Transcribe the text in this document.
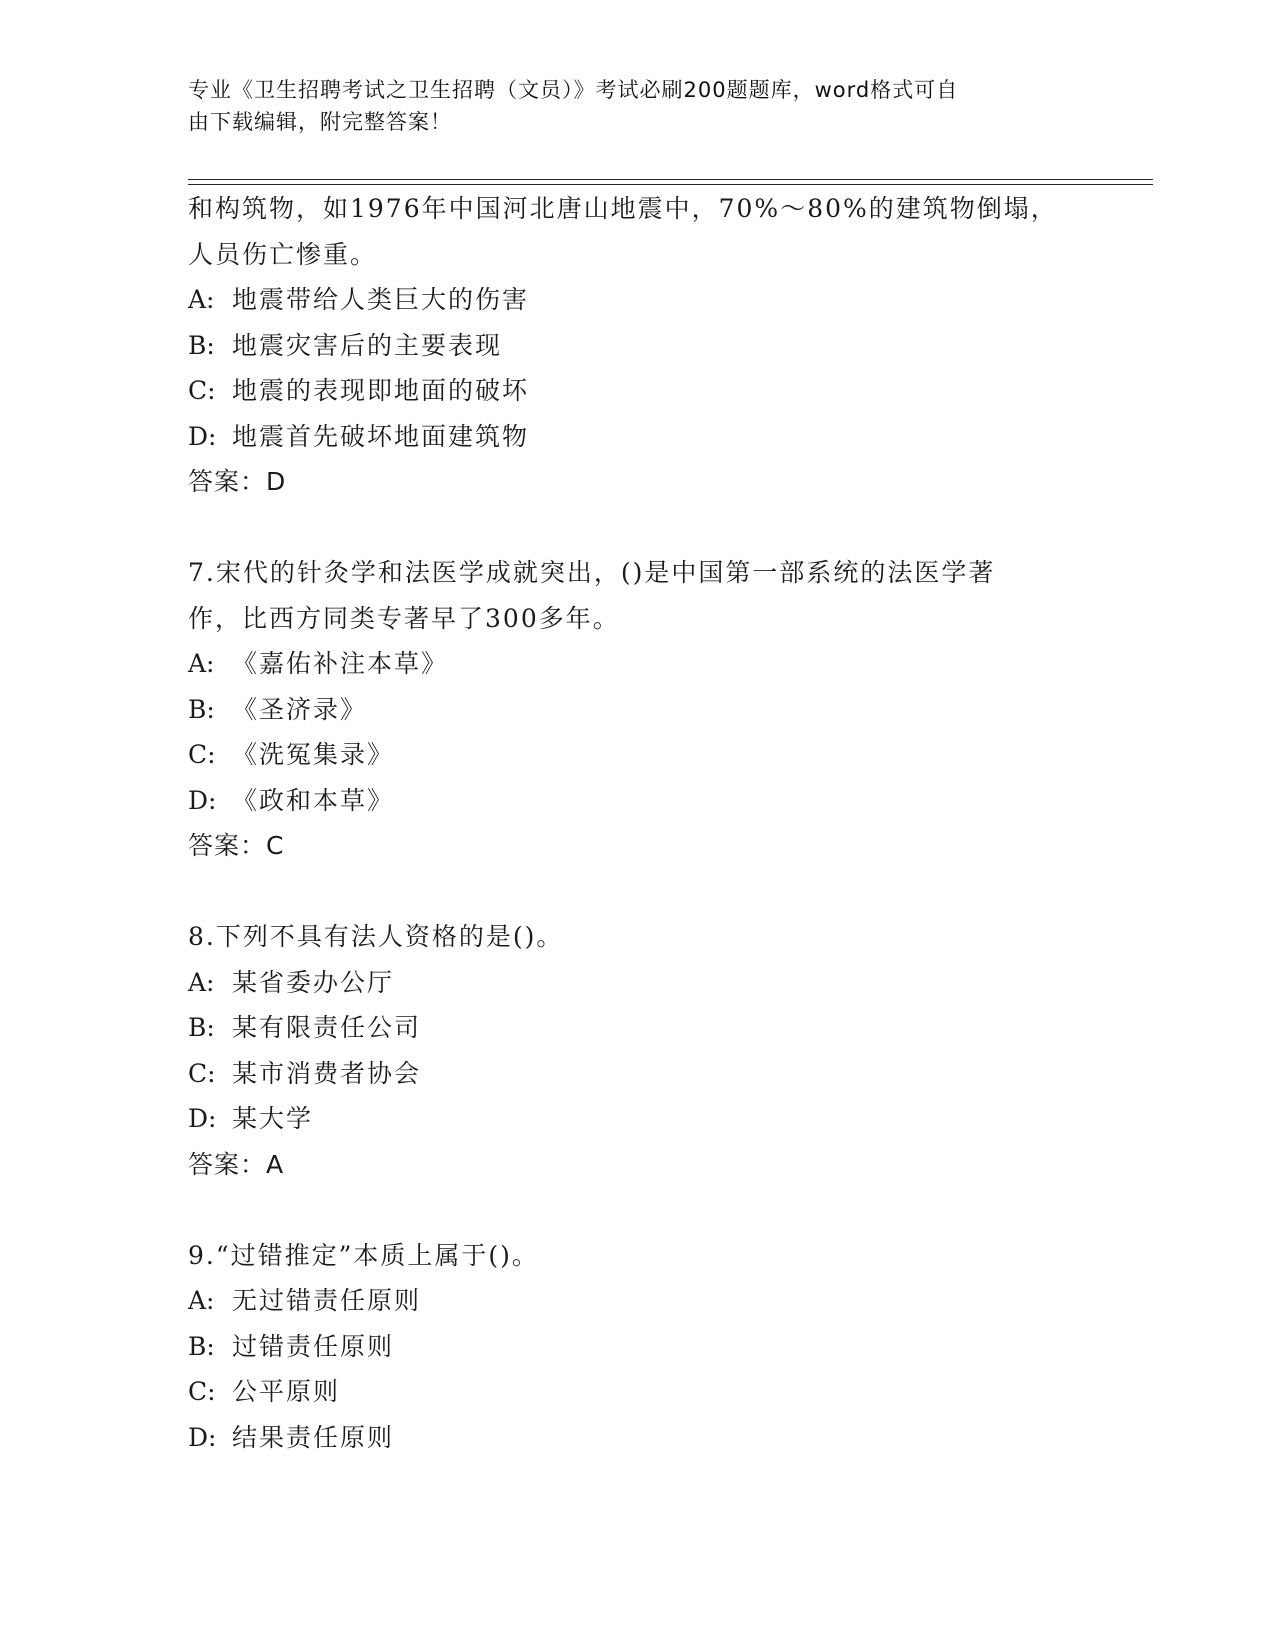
专业《卫生招聘考试之卫生招聘（文员）》考试必刷200题题库，word格式可自
由下载编辑，附完整答案！
和构筑物，如1976年中国河北唐山地震中，70%～80%的建筑物倒塌，
人员伤亡惨重。
A: 地震带给人类巨大的伤害
B: 地震灾害后的主要表现
C: 地震的表现即地面的破坏
D: 地震首先破坏地面建筑物
答案：D
7.宋代的针灸学和法医学成就突出，()是中国第一部系统的法医学著
作，比西方同类专著早了300多年。
A: 《嘉佑补注本草》
B: 《圣济录》
C: 《洗冤集录》
D: 《政和本草》
答案：C
8.下列不具有法人资格的是()。
A: 某省委办公厅
B: 某有限责任公司
C: 某市消费者协会
D: 某大学
答案：A
9.“过错推定”本质上属于()。
A: 无过错责任原则
B: 过错责任原则
C: 公平原则
D: 结果责任原则
